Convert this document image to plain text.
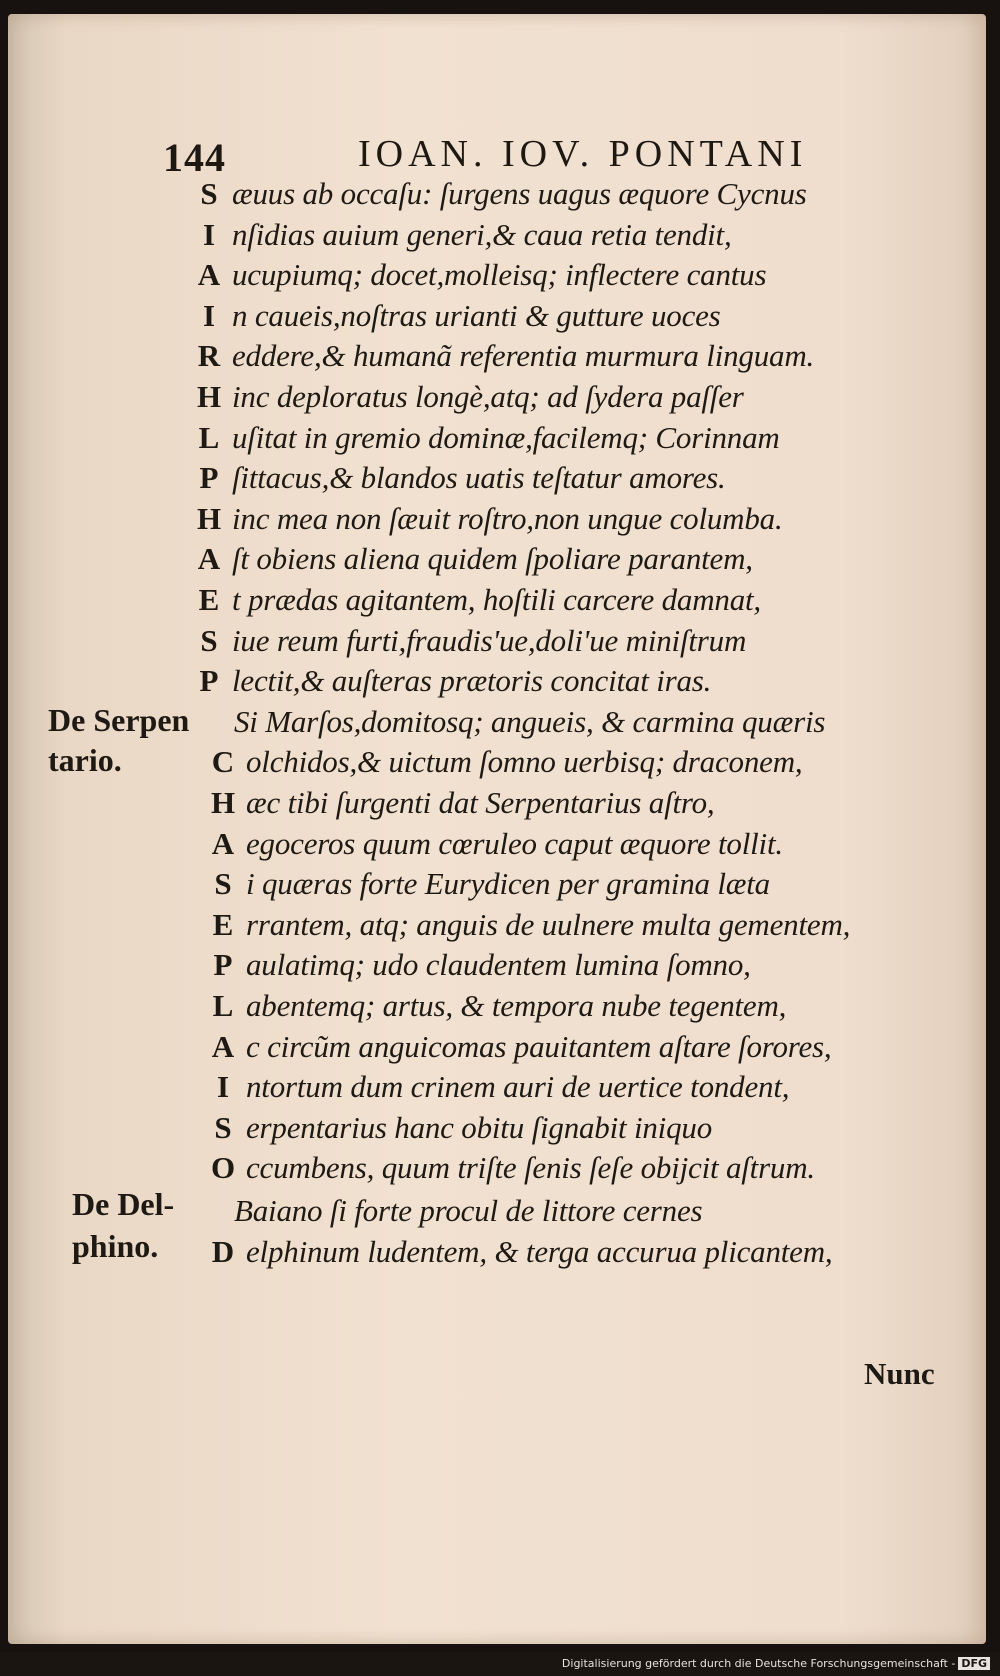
144	IOAN. IOV. PONTANI
S æuus ab occaſu: ſurgens uagus æquore Cycnus
I nſidias auium generi,& caua retia tendit,
A ucupiumq; docet,molleisq; inflectere cantus
I n caueis,noſtras urianti & gutture uoces
R eddere,& humanã referentia murmura linguam.
H inc deploratus longè,atq; ad ſydera paſſer
L uſitat in gremio dominæ,facilemq; Corinnam
P ſittacus,& blandos uatis teſtatur amores.
H inc mea non ſæuit roſtro,non ungue columba.
A ſt obiens aliena quidem ſpoliare parantem,
E t prædas agitantem, hoſtili carcere damnat,
S iue reum furti,fraudis'ue,doli'ue miniſtrum
P lectit,& auſteras prætoris concitat iras.
Si Marſos,domitosq; angueis, & carmina quæris
C olchidos,& uictum ſomno uerbisq; draconem,
H æc tibi ſurgenti dat Serpentarius aſtro,
A egoceros quum cœruleo caput æquore tollit.
S i quæras forte Eurydicen per gramina læta
E rrantem, atq; anguis de uulnere multa gementem,
P aulatimq; udo claudentem lumina ſomno,
L abentemq; artus, & tempora nube tegentem,
A c circũm anguicomas pauitantem aſtare ſorores,
I ntortum dum crinem auri de uertice tondent,
S erpentarius hanc obitu ſignabit iniquo
O ccumbens, quum triſte ſenis ſeſe obijcit aſtrum.
Baiano ſi forte procul de littore cernes
D elphinum ludentem, & terga accurua plicantem,
De Serpen
tario.
De Del-
phino.
Nunc
Digitalisierung gefördert durch die Deutsche Forschungsgemeinschaft - DFG
